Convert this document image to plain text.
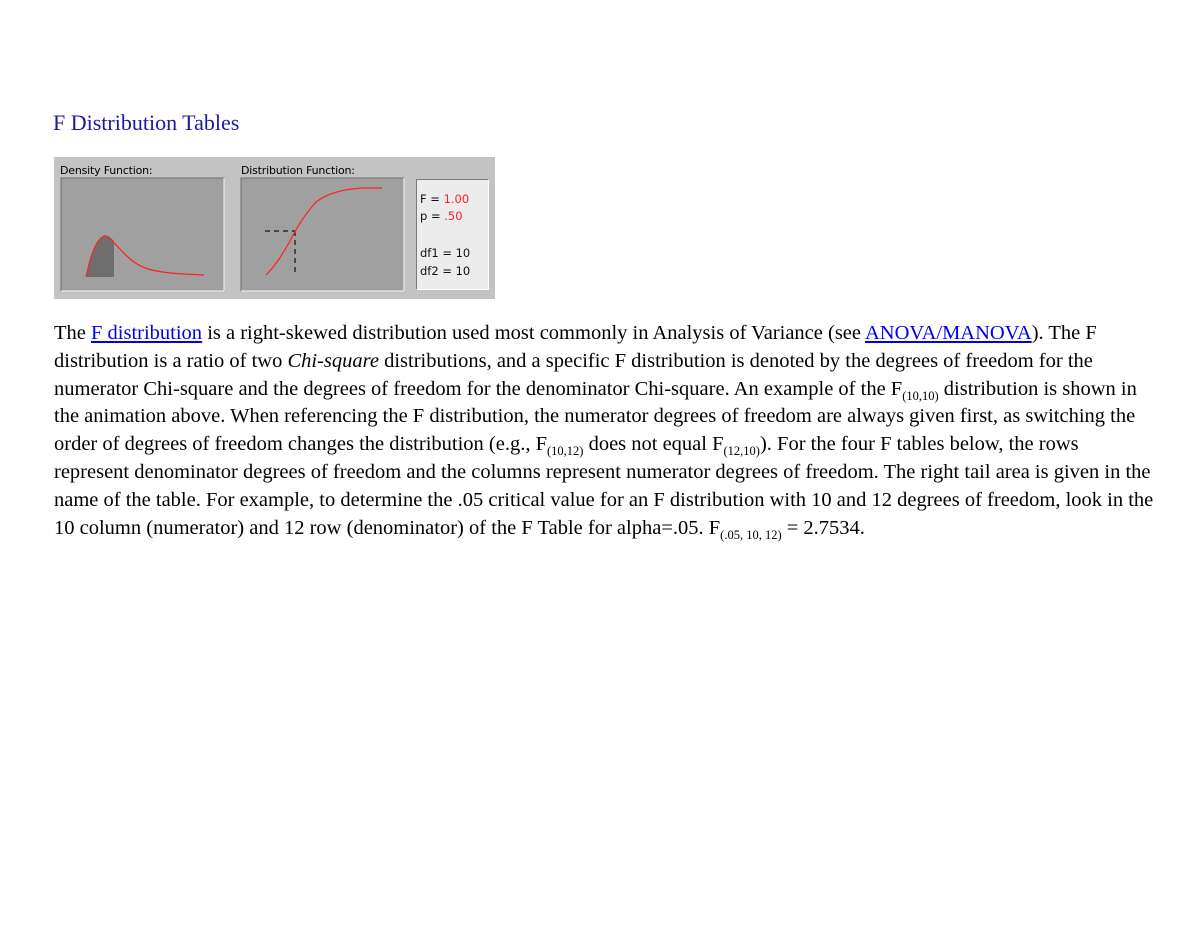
F Distribution Tables
Density Function:	Distribution Function:
F = 1.00
p = .50
df1 = 10
df2 = 10

The F distribution is a right-skewed distribution used most commonly in Analysis of Variance (see ANOVA/MANOVA). The F distribution is a ratio of two Chi-square distributions, and a specific F distribution is denoted by the degrees of freedom for the numerator Chi-square and the degrees of freedom for the denominator Chi-square. An example of the $F_{(10,10)}$ distribution is shown in the animation above. When referencing the F distribution, the numerator degrees of freedom are always given first, as switching the order of degrees of freedom changes the distribution (e.g., $F_{(10,12)}$ does not equal $F_{(12,10)}$). For the four F tables below, the rows represent denominator degrees of freedom and the columns represent numerator degrees of freedom. The right tail area is given in the name of the table. For example, to determine the .05 critical value for an F distribution with 10 and 12 degrees of freedom, look in the 10 column (numerator) and 12 row (denominator) of the F Table for alpha=.05. $F_{(.05, 10, 12)} = 2.7534$.
